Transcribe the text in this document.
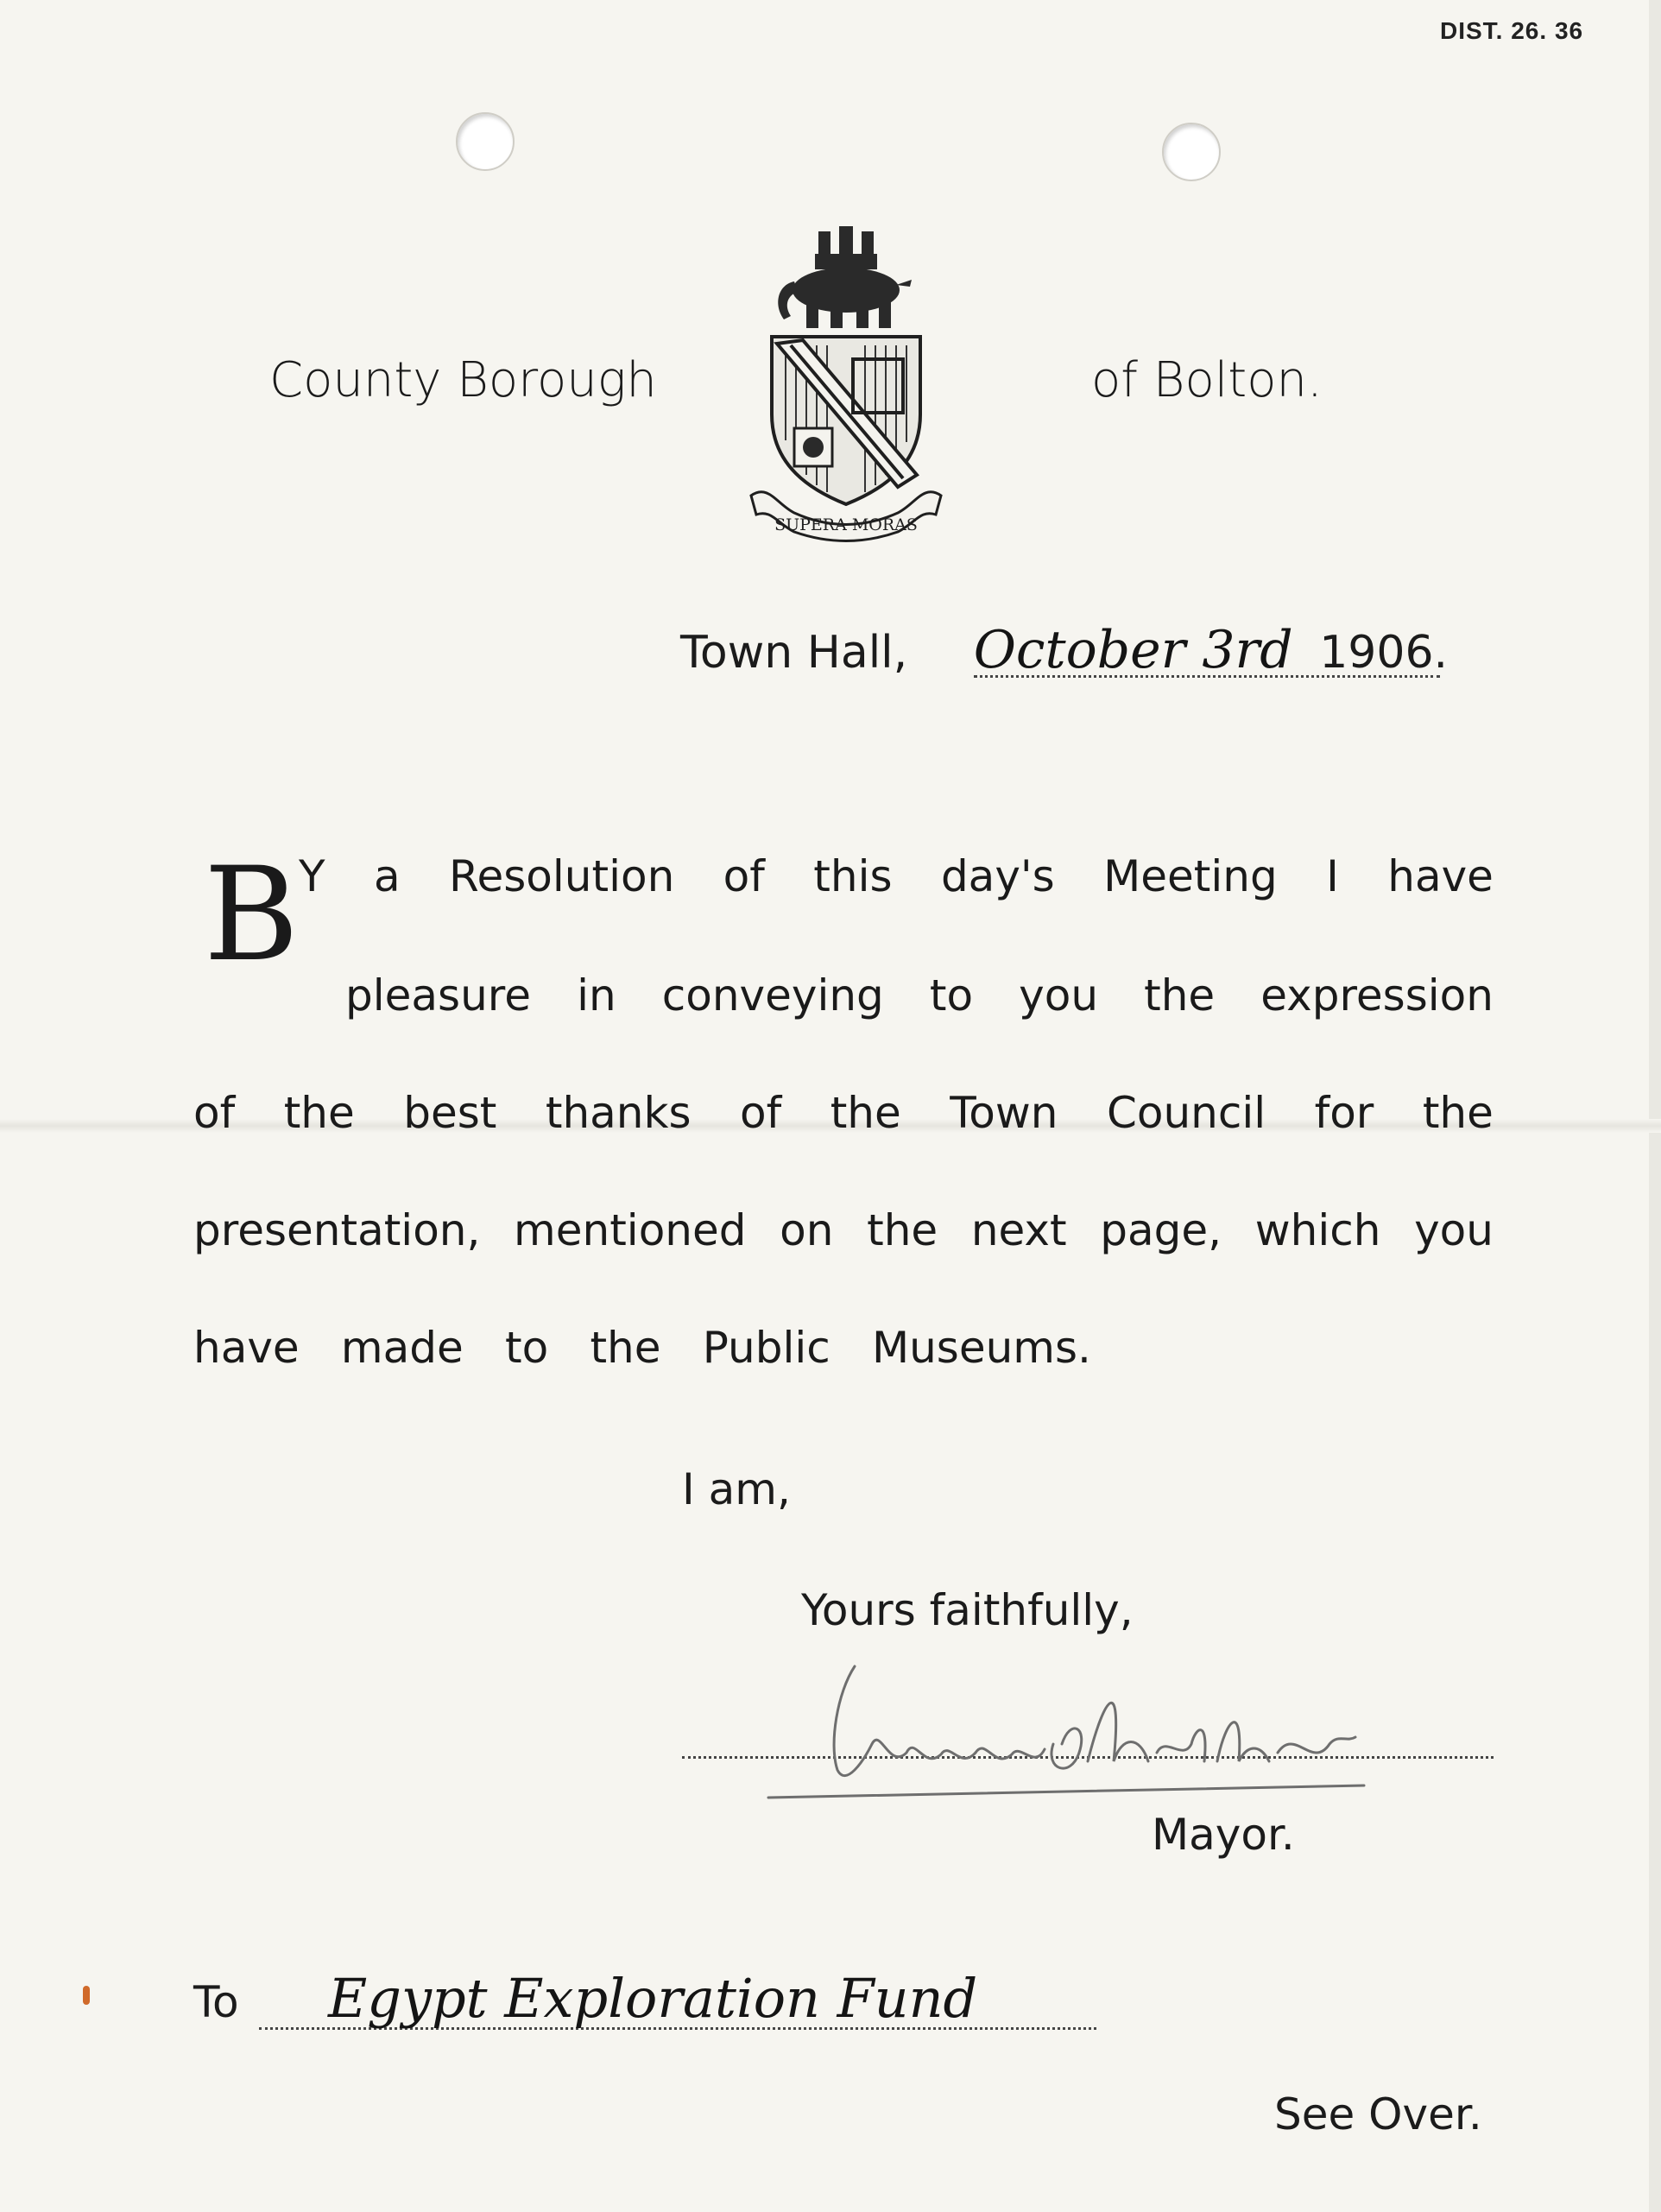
DIST. 26. 36
County Borough	of Bolton.
SUPERA MORAS
Town Hall, October 3rd 1906.
B Y a Resolution of this day's Meeting I have
pleasure in conveying to you the expression
of the best thanks of the Town Council for the
presentation, mentioned on the next page, which you
have made to the Public Museums.
I am,
Yours faithfully,
Mayor.
To Egypt Exploration Fund
See Over.
